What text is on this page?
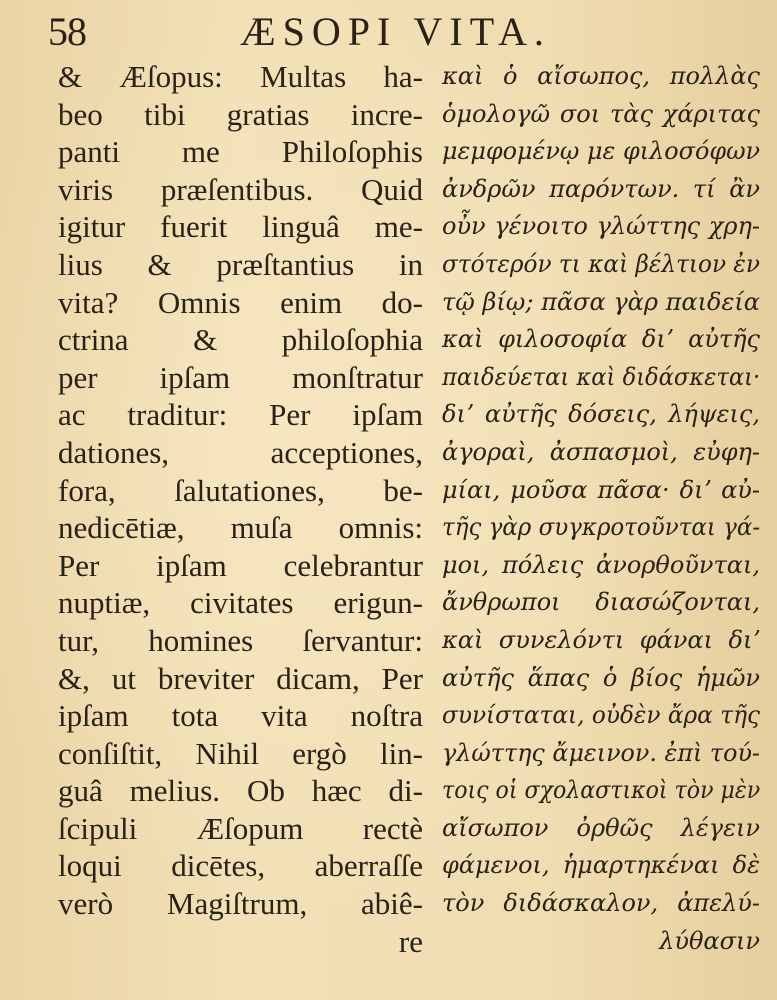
58	ÆSOPI VITA.
& Æſopus: Multas ha-
beo tibi gratias incre-
panti me Philoſophis
viris præſentibus. Quid
igitur fuerit linguâ me-
lius & præſtantius in
vita? Omnis enim do-
ctrina & philoſophia
per ipſam monſtratur
ac traditur: Per ipſam
dationes, acceptiones,
fora, ſalutationes, be-
nedicētiæ, muſa omnis:
Per ipſam celebrantur
nuptiæ, civitates erigun-
tur, homines ſervantur:
&, ut breviter dicam, Per
ipſam tota vita noſtra
conſiſtit, Nihil ergò lin-
guâ melius. Ob hæc di-
ſcipuli Æſopum rectè
loqui dicētes, aberraſſe
verò Magiſtrum, abiê-
re
καὶ ὁ αἴσωπος, πολλὰς
ὁμολογῶ σοι τὰς χάριτας
μεμφομένῳ με φιλοσόφων
ἀνδρῶν παρόντων. τί ἂν
οὖν γένοιτο γλώττης χρη-
στότερόν τι καὶ βέλτιον ἐν
τῷ βίῳ; πᾶσα γὰρ παιδεία
καὶ φιλοσοφία διʼ αὐτῆς
παιδεύεται καὶ διδάσκεται·
διʼ αὐτῆς δόσεις, λήψεις,
ἀγοραὶ, ἀσπασμοὶ, εὐφη-
μίαι, μοῦσα πᾶσα· διʼ αὐ-
τῆς γὰρ συγκροτοῦνται γά-
μοι, πόλεις ἀνορθοῦνται,
ἄνθρωποι διασώζονται,
καὶ συνελόντι φάναι διʼ
αὐτῆς ἅπας ὁ βίος ἡμῶν
συνίσταται, οὐδὲν ἄρα τῆς
γλώττης ἄμεινον. ἐπὶ τού-
τοις οἱ σχολαστικοὶ τὸν μὲν
αἴσωπον ὀρθῶς λέγειν
φάμενοι, ἡμαρτηκέναι δὲ
τὸν διδάσκαλον, ἀπελύ-
λύθασιν
